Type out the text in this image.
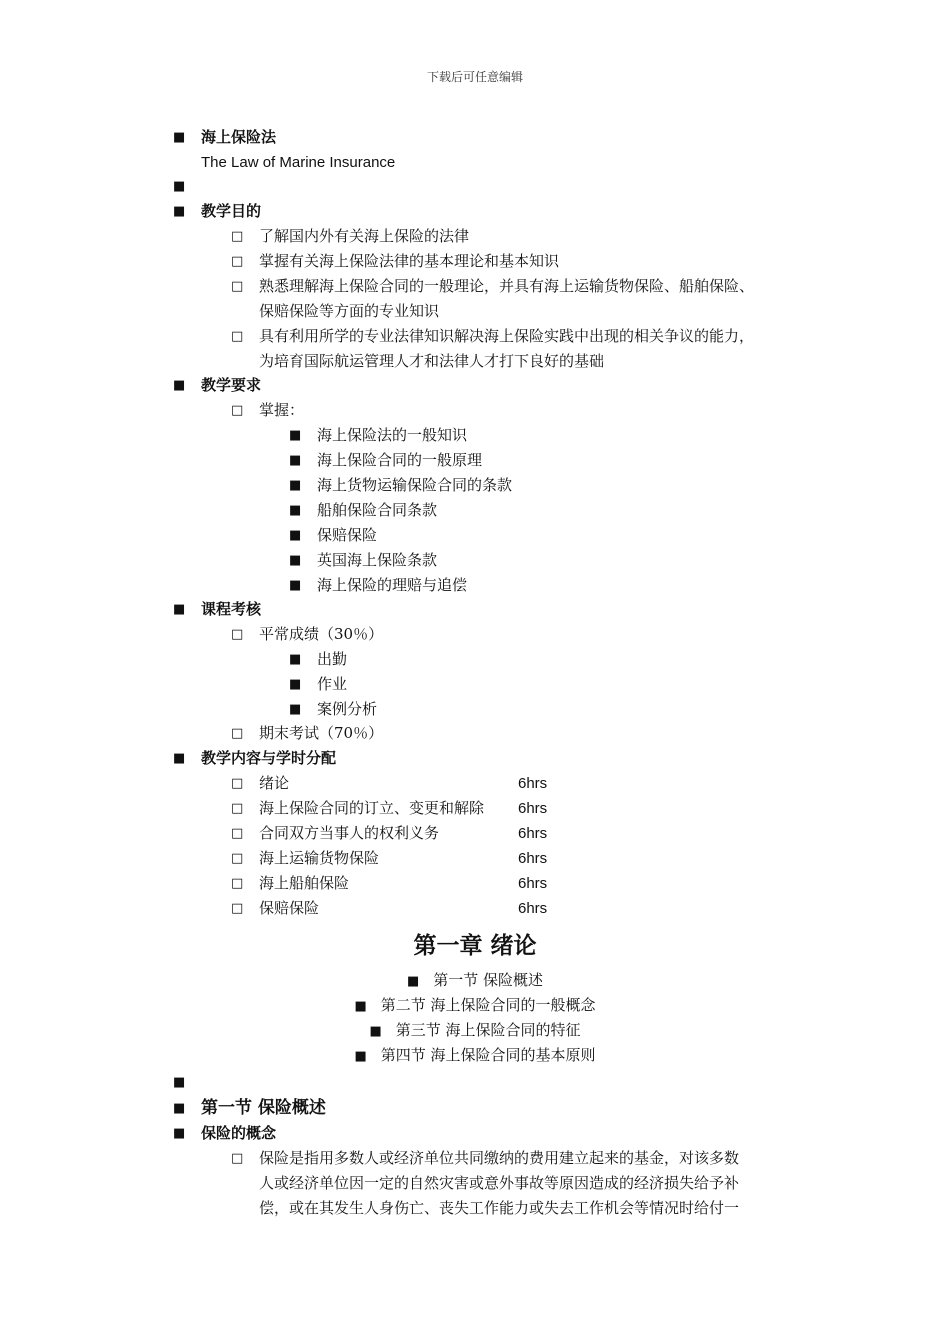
下载后可任意编辑
■ 海上保险法
The Law of Marine Insurance
■
■ 教学目的
□ 了解国内外有关海上保险的法律
□ 掌握有关海上保险法律的基本理论和基本知识
□ 熟悉理解海上保险合同的一般理论，并具有海上运输货物保险、船舶保险、
保赔保险等方面的专业知识
□ 具有利用所学的专业法律知识解决海上保险实践中出现的相关争议的能力，
为培育国际航运管理人才和法律人才打下良好的基础
■ 教学要求
□ 掌握：
■ 海上保险法的一般知识
■ 海上保险合同的一般原理
■ 海上货物运输保险合同的条款
■ 船舶保险合同条款
■ 保赔保险
■ 英国海上保险条款
■ 海上保险的理赔与追偿
■ 课程考核
□ 平常成绩（30％）
■ 出勤
■ 作业
■ 案例分析
□ 期末考试（70％）
■ 教学内容与学时分配
□ 绪论	6hrs
□ 海上保险合同的订立、变更和解除 6hrs
□ 合同双方当事人的权利义务	6hrs
□ 海上运输货物保险	6hrs
□ 海上船舶保险	6hrs
□ 保赔保险	6hrs
第一章 绪论
■ 第一节 保险概述
■ 第二节 海上保险合同的一般概念
■ 第三节 海上保险合同的特征
■ 第四节 海上保险合同的基本原则
■
■ 第一节 保险概述
■ 保险的概念
□ 保险是指用多数人或经济单位共同缴纳的费用建立起来的基金，对该多数
人或经济单位因一定的自然灾害或意外事故等原因造成的经济损失给予补
偿，或在其发生人身伤亡、丧失工作能力或失去工作机会等情况时给付一
